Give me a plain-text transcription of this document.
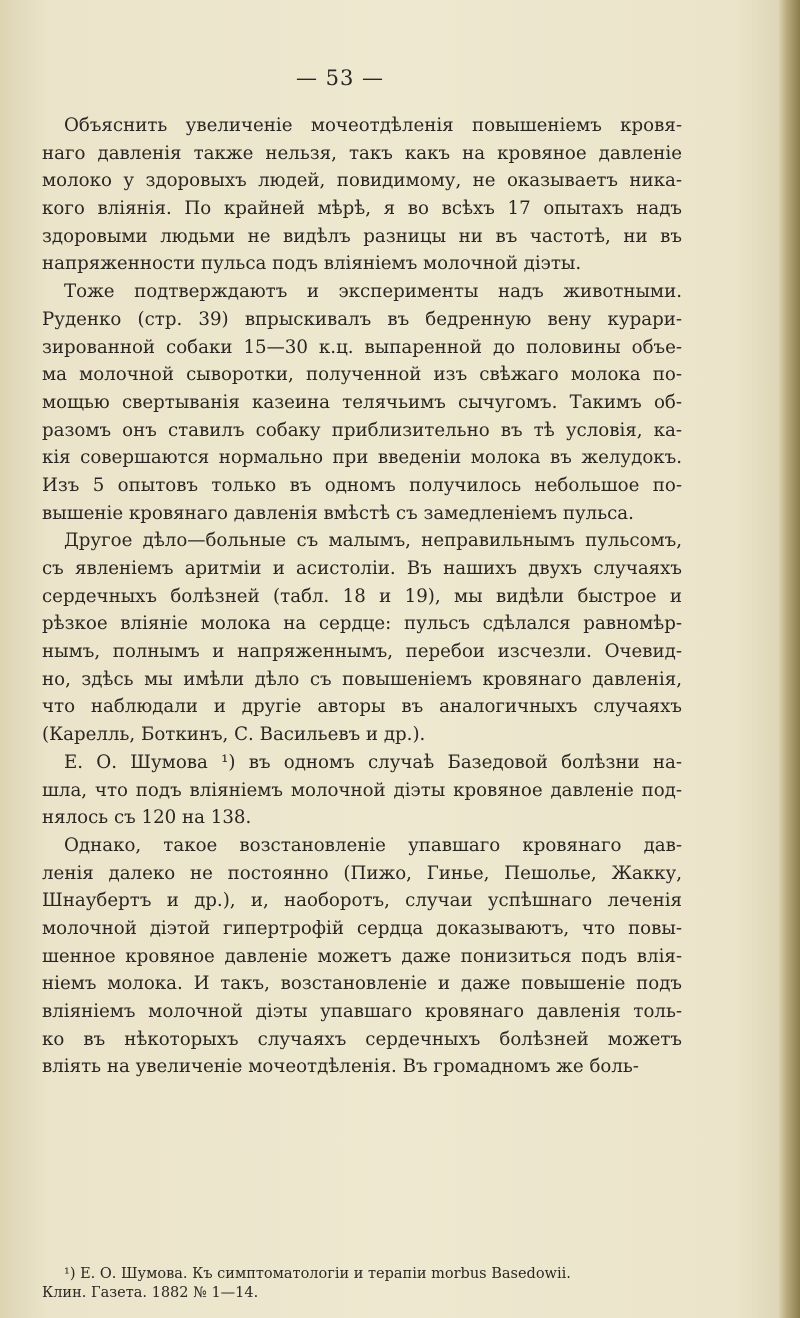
— 53 —
Объяснить увеличеніе мочеотдѣленія повышеніемъ кровя-
наго давленія также нельзя, такъ какъ на кровяное давленіе
молоко у здоровыхъ людей, повидимому, не оказываетъ ника-
кого вліянія. По крайней мѣрѣ, я во всѣхъ 17 опытахъ надъ
здоровыми людьми не видѣлъ разницы ни въ частотѣ, ни въ
напряженности пульса подъ вліяніемъ молочной діэты.
Тоже подтверждаютъ и эксперименты надъ животными.
Руденко (стр. 39) впрыскивалъ въ бедренную вену курари-
зированной собаки 15—30 к.ц. выпаренной до половины объе-
ма молочной сыворотки, полученной изъ свѣжаго молока по-
мощью свертыванія казеина телячьимъ сычугомъ. Такимъ об-
разомъ онъ ставилъ собаку приблизительно въ тѣ условія, ка-
кія совершаются нормально при введеніи молока въ желудокъ.
Изъ 5 опытовъ только въ одномъ получилось небольшое по-
вышеніе кровянаго давленія вмѣстѣ съ замедленіемъ пульса.
Другое дѣло—больные съ малымъ, неправильнымъ пульсомъ,
съ явленіемъ аритміи и асистоліи. Въ нашихъ двухъ случаяхъ
сердечныхъ болѣзней (табл. 18 и 19), мы видѣли быстрое и
рѣзкое вліяніе молока на сердце: пульсъ сдѣлался равномѣр-
нымъ, полнымъ и напряженнымъ, перебои изсчезли. Очевид-
но, здѣсь мы имѣли дѣло съ повышеніемъ кровянаго давленія,
что наблюдали и другіе авторы въ аналогичныхъ случаяхъ
(Карелль, Боткинъ, С. Васильевъ и др.).
Е. О. Шумова ¹) въ одномъ случаѣ Базедовой болѣзни на-
шла, что подъ вліяніемъ молочной діэты кровяное давленіе под-
нялось съ 120 на 138.
Однако, такое возстановленіе упавшаго кровянаго дав-
ленія далеко не постоянно (Пижо, Гинье, Пешолье, Жакку,
Шнаубертъ и др.), и, наоборотъ, случаи успѣшнаго леченія
молочной діэтой гипертрофій сердца доказываютъ, что повы-
шенное кровяное давленіе можетъ даже понизиться подъ влія-
ніемъ молока. И такъ, возстановленіе и даже повышеніе подъ
вліяніемъ молочной діэты упавшаго кровянаго давленія толь-
ко въ нѣкоторыхъ случаяхъ сердечныхъ болѣзней можетъ
вліять на увеличеніе мочеотдѣленія. Въ громадномъ же боль-
¹) Е. О. Шумова. Къ симптоматологіи и терапіи morbus Basedowii.
Клин. Газета. 1882 № 1—14.
